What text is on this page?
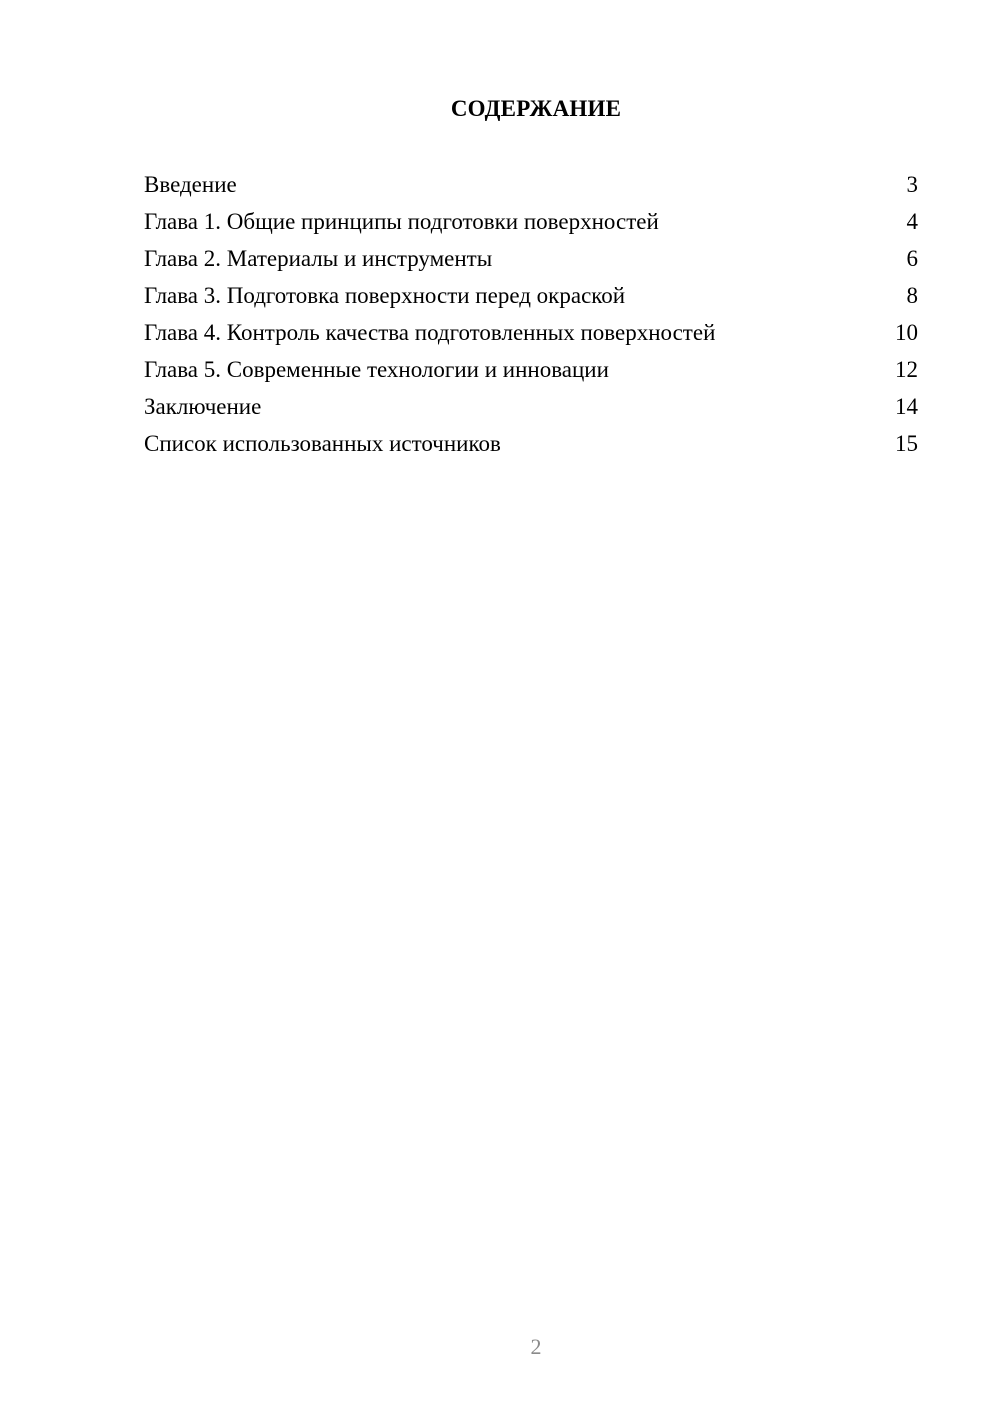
СОДЕРЖАНИЕ
Введение	3
Глава 1. Общие принципы подготовки поверхностей	4
Глава 2. Материалы и инструменты	6
Глава 3. Подготовка поверхности перед окраской	8
Глава 4. Контроль качества подготовленных поверхностей	10
Глава 5. Современные технологии и инновации	12
Заключение	14
Список использованных источников	15
2
